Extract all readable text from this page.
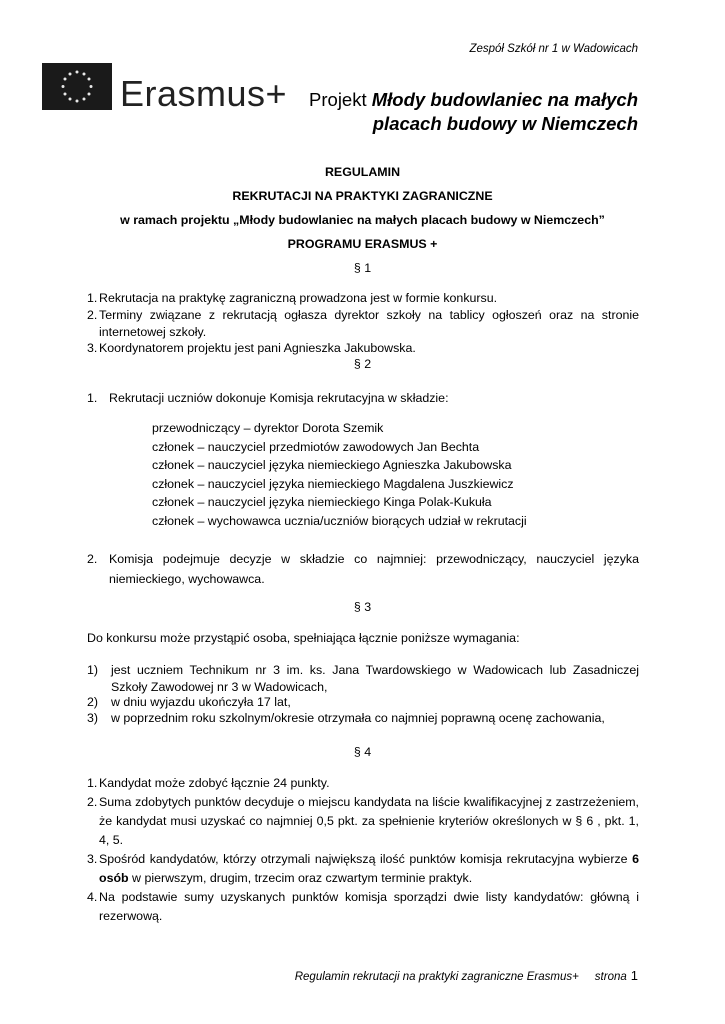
Zespół Szkół nr 1 w Wadowicach
Erasmus+ Projekt Młody budowlaniec na małych
placach budowy w Niemczech
REGULAMIN
REKRUTACJI NA PRAKTYKI ZAGRANICZNE
w ramach projektu „Młody budowlaniec na małych placach budowy w Niemczech”
PROGRAMU ERASMUS +
§ 1
1. Rekrutacja na praktykę zagraniczną prowadzona jest w formie konkursu.
2. Terminy związane z rekrutacją ogłasza dyrektor szkoły na tablicy ogłoszeń oraz na stronie internetowej szkoły.
3. Koordynatorem projektu jest pani Agnieszka Jakubowska.
§ 2
1. Rekrutacji uczniów dokonuje Komisja rekrutacyjna w składzie:
przewodniczący – dyrektor Dorota Szemik
członek – nauczyciel przedmiotów zawodowych Jan Bechta
członek – nauczyciel języka niemieckiego Agnieszka Jakubowska
członek – nauczyciel języka niemieckiego Magdalena Juszkiewicz
członek – nauczyciel języka niemieckiego Kinga Polak-Kukuła
członek – wychowawca ucznia/uczniów biorących udział w rekrutacji
2. Komisja podejmuje decyzje w składzie co najmniej: przewodniczący, nauczyciel języka niemieckiego, wychowawca.
§ 3
Do konkursu może przystąpić osoba, spełniająca łącznie poniższe wymagania:
1) jest uczniem Technikum nr 3 im. ks. Jana Twardowskiego w Wadowicach lub Zasadniczej Szkoły Zawodowej nr 3 w Wadowicach,
2) w dniu wyjazdu ukończyła 17 lat,
3) w poprzednim roku szkolnym/okresie otrzymała co najmniej poprawną ocenę zachowania,
§ 4
1. Kandydat może zdobyć łącznie 24 punkty.
2. Suma zdobytych punktów decyduje o miejscu kandydata na liście kwalifikacyjnej z zastrzeżeniem, że kandydat musi uzyskać co najmniej 0,5 pkt. za spełnienie kryteriów określonych w § 6 , pkt. 1, 4, 5.
3. Spośród kandydatów, którzy otrzymali największą ilość punktów komisja rekrutacyjna wybierze 6 osób w pierwszym, drugim, trzecim oraz czwartym terminie praktyk.
4. Na podstawie sumy uzyskanych punktów komisja sporządzi dwie listy kandydatów: główną i rezerwową.
Regulamin rekrutacji na praktyki zagraniczne Erasmus+     strona 1
